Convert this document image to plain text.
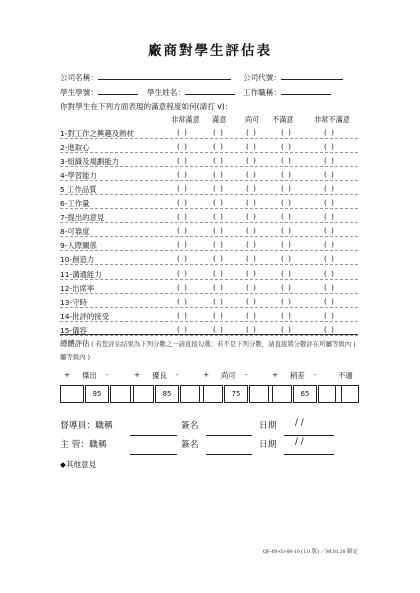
廠商對學生評估表
公司名稱：	公司代號：
學生學號：	學生姓名：	工作職稱：
你對學生在下列方面表現的滿意程度如何(請打 v)：
非常滿意 滿意	尚可 不滿意	非常不滿意
1-對工作之興趣及熱枕	( )	( )	( )	( )	( )
2-進取心	( )	( )	( )	( )	( )
3-組織及規劃能力	( )	( )	( )	( )	( )
4-學習能力	( )	( )	( )	( )	( )
5 工作品質	( )	( )	( )	( )	( )
6-工作量	( )	( )	( )	( )	( )
7-提出的意見	( )	( )	( )	( )	( )
8-可靠度	( )	( )	( )	( )	( )
9-人際關係	( )	( )	( )	( )	( )
10-創造力	( )	( )	( )	( )	( )
11-溝通能力	( )	( )	( )	( )	( )
12-出席率	( )	( )	( )	( )	( )
13-守時	( )	( )	( )	( )	( )
14-批評的接受	( )	( )	( )	( )	( )
15-儀容	( )	( )	( )	( )	( )
總體評估 ( 若您評估結果為下列分數之一請直接勾選；若不是下列分數，請直接將分數評在所屬等級內 )
屬等級內 )
+ 傑出 -
95
+ 優良 -
85
+ 尚可 -
75
+ 稍差 -
65
不適
督導員：職稱	簽名	日期 / /
主 管：職稱	簽名	日期 / /
◆其他意見
QF-09-03-06-10 (1.0 版) ／88.01.20 制定
